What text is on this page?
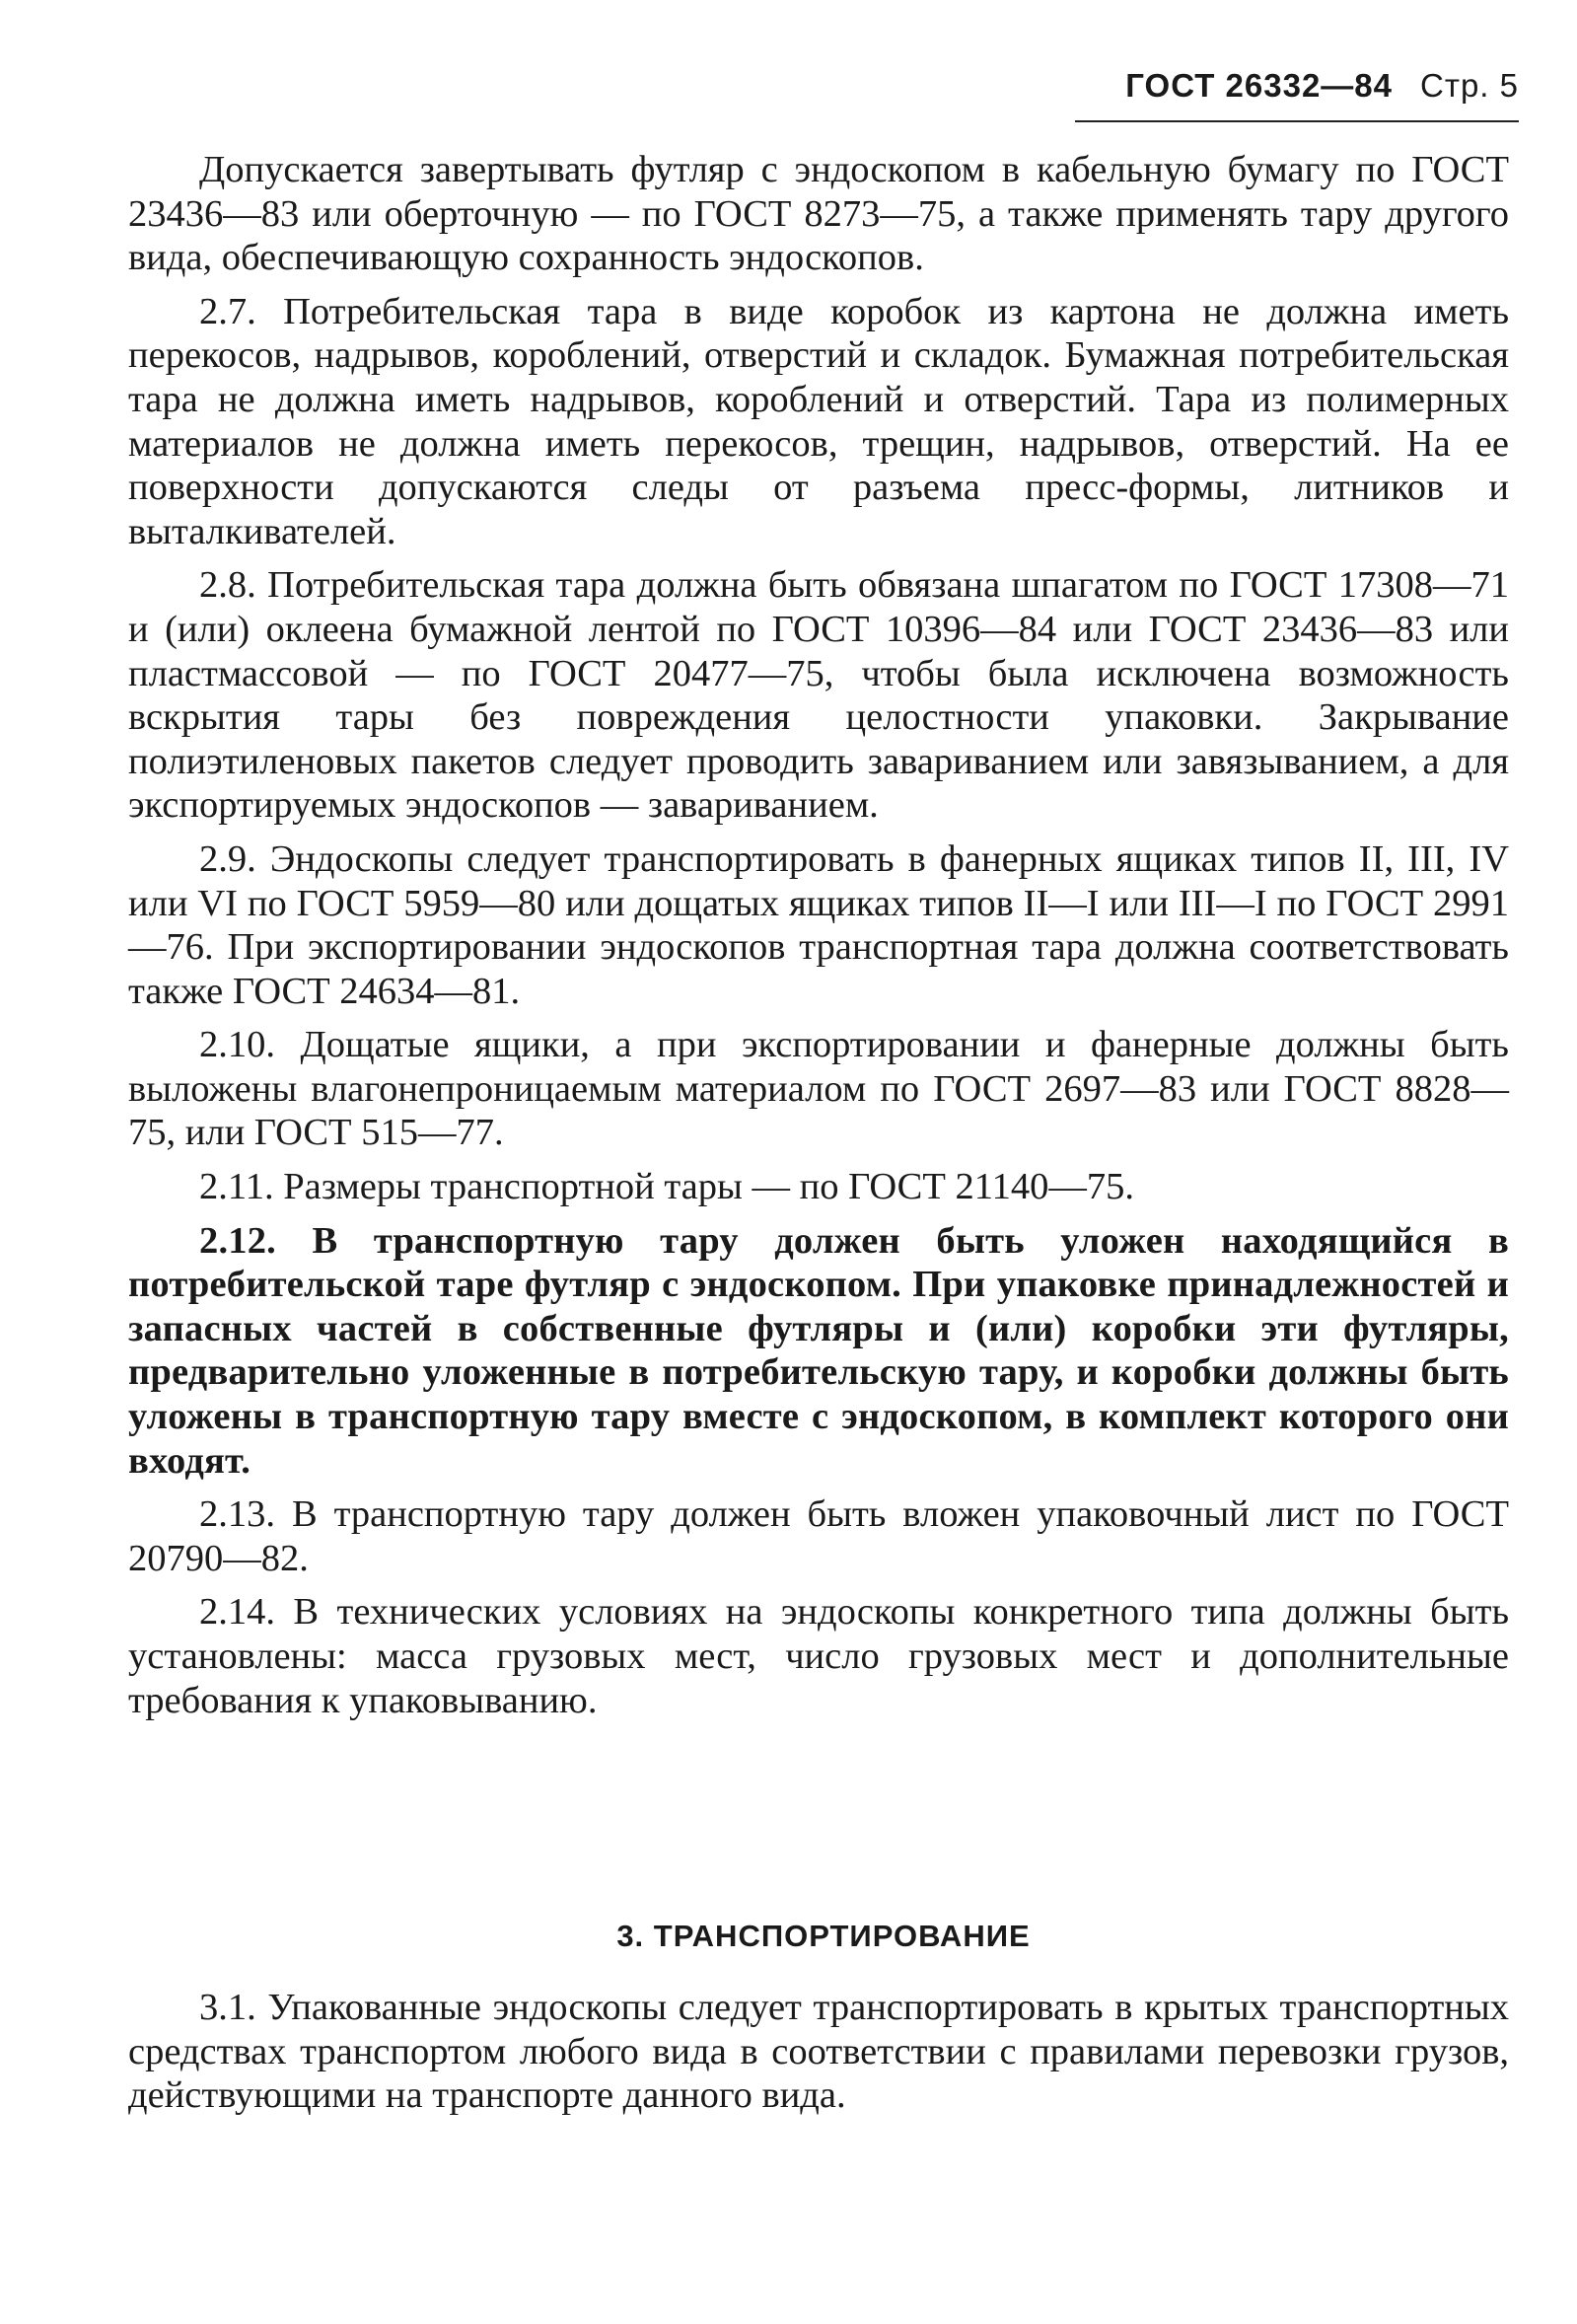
ГОСТ 26332—84 Стр. 5

Допускается завертывать футляр с эндоскопом в кабельную бумагу по ГОСТ 23436—83 или оберточную — по ГОСТ 8273—75, а также применять тару другого вида, обеспечивающую сохранность эндоскопов.

2.7. Потребительская тара в виде коробок из картона не должна иметь перекосов, надрывов, короблений, отверстий и складок. Бумажная потребительская тара не должна иметь надрывов, короблений и отверстий. Тара из полимерных материалов не должна иметь перекосов, трещин, надрывов, отверстий. На ее поверхности допускаются следы от разъема пресс-формы, литников и выталкивателей.

2.8. Потребительская тара должна быть обвязана шпагатом по ГОСТ 17308—71 и (или) оклеена бумажной лентой по ГОСТ 10396—84 или ГОСТ 23436—83 или пластмассовой — по ГОСТ 20477—75, чтобы была исключена возможность вскрытия тары без повреждения целостности упаковки. Закрывание полиэтиленовых пакетов следует проводить завариванием или завязыванием, а для экспортируемых эндоскопов — завариванием.

2.9. Эндоскопы следует транспортировать в фанерных ящиках типов II, III, IV или VI по ГОСТ 5959—80 или дощатых ящиках типов II—I или III—I по ГОСТ 2991—76. При экспортировании эндоскопов транспортная тара должна соответствовать также ГОСТ 24634—81.

2.10. Дощатые ящики, а при экспортировании и фанерные должны быть выложены влагонепроницаемым материалом по ГОСТ 2697—83 или ГОСТ 8828—75, или ГОСТ 515—77.

2.11. Размеры транспортной тары — по ГОСТ 21140—75.

2.12. В транспортную тару должен быть уложен находящийся в потребительской таре футляр с эндоскопом. При упаковке принадлежностей и запасных частей в собственные футляры и (или) коробки эти футляры, предварительно уложенные в потребительскую тару, и коробки должны быть уложены в транспортную тару вместе с эндоскопом, в комплект которого они входят.

2.13. В транспортную тару должен быть вложен упаковочный лист по ГОСТ 20790—82.

2.14. В технических условиях на эндоскопы конкретного типа должны быть установлены: масса грузовых мест, число грузовых мест и дополнительные требования к упаковыванию.

3. ТРАНСПОРТИРОВАНИЕ

3.1. Упакованные эндоскопы следует транспортировать в крытых транспортных средствах транспортом любого вида в соответствии с правилами перевозки грузов, действующими на транспорте данного вида.
